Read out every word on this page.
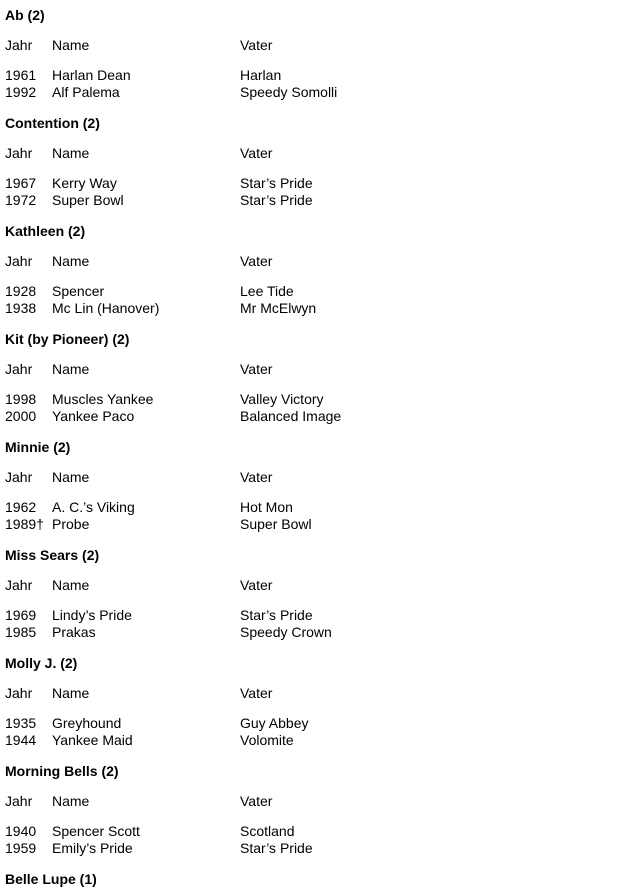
Ab (2)
Jahr Name	Vater
1961 Harlan Dean	Harlan
1992 Alf Palema	Speedy Somolli
Contention (2)
Jahr Name	Vater
1967 Kerry Way	Star’s Pride
1972 Super Bowl	Star’s Pride
Kathleen (2)
Jahr Name	Vater
1928 Spencer	Lee Tide
1938 Mc Lin (Hanover)	Mr McElwyn
Kit (by Pioneer) (2)
Jahr Name	Vater
1998 Muscles Yankee	Valley Victory
2000 Yankee Paco	Balanced Image
Minnie (2)
Jahr Name	Vater
1962 A. C.’s Viking	Hot Mon
1989† Probe	Super Bowl
Miss Sears (2)
Jahr Name	Vater
1969 Lindy’s Pride	Star’s Pride
1985 Prakas	Speedy Crown
Molly J. (2)
Jahr Name	Vater
1935 Greyhound	Guy Abbey
1944 Yankee Maid	Volomite
Morning Bells (2)
Jahr Name	Vater
1940 Spencer Scott	Scotland
1959 Emily’s Pride	Star’s Pride
Belle Lupe (1)
